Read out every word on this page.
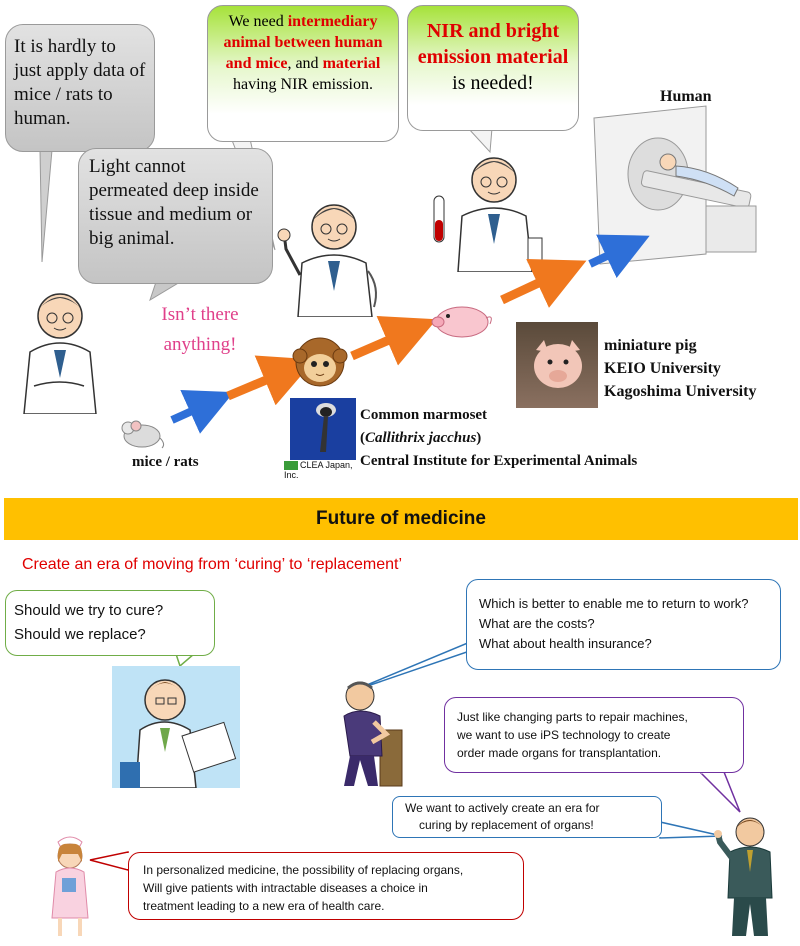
It is hardly to just apply data of mice / rats to human.
Light cannot permeated deep inside tissue and medium or big animal.
We need intermediary animal between human and mice, and material having NIR emission.
NIR and bright emission material is needed!
Isn’t there anything!
Human
CLEA Japan, Inc.
Common marmoset
(Callithrix jacchus)
Central Institute for Experimental Animals
mice / rats
miniature pig
KEIO University
Kagoshima University
Future of medicine
Create an era of moving from ‘curing’ to ‘replacement’
Should we try to cure?
Should we replace?
Which is better to enable me to return to work?
What are the costs?
What about health insurance?
Just like changing parts to repair machines,
we want to use iPS technology to create
order made organs for transplantation.
We want to actively create an era for
curing by replacement of organs!
In personalized medicine, the possibility of replacing organs,
Will give patients with intractable diseases a choice in
treatment leading to a new era of health care.
